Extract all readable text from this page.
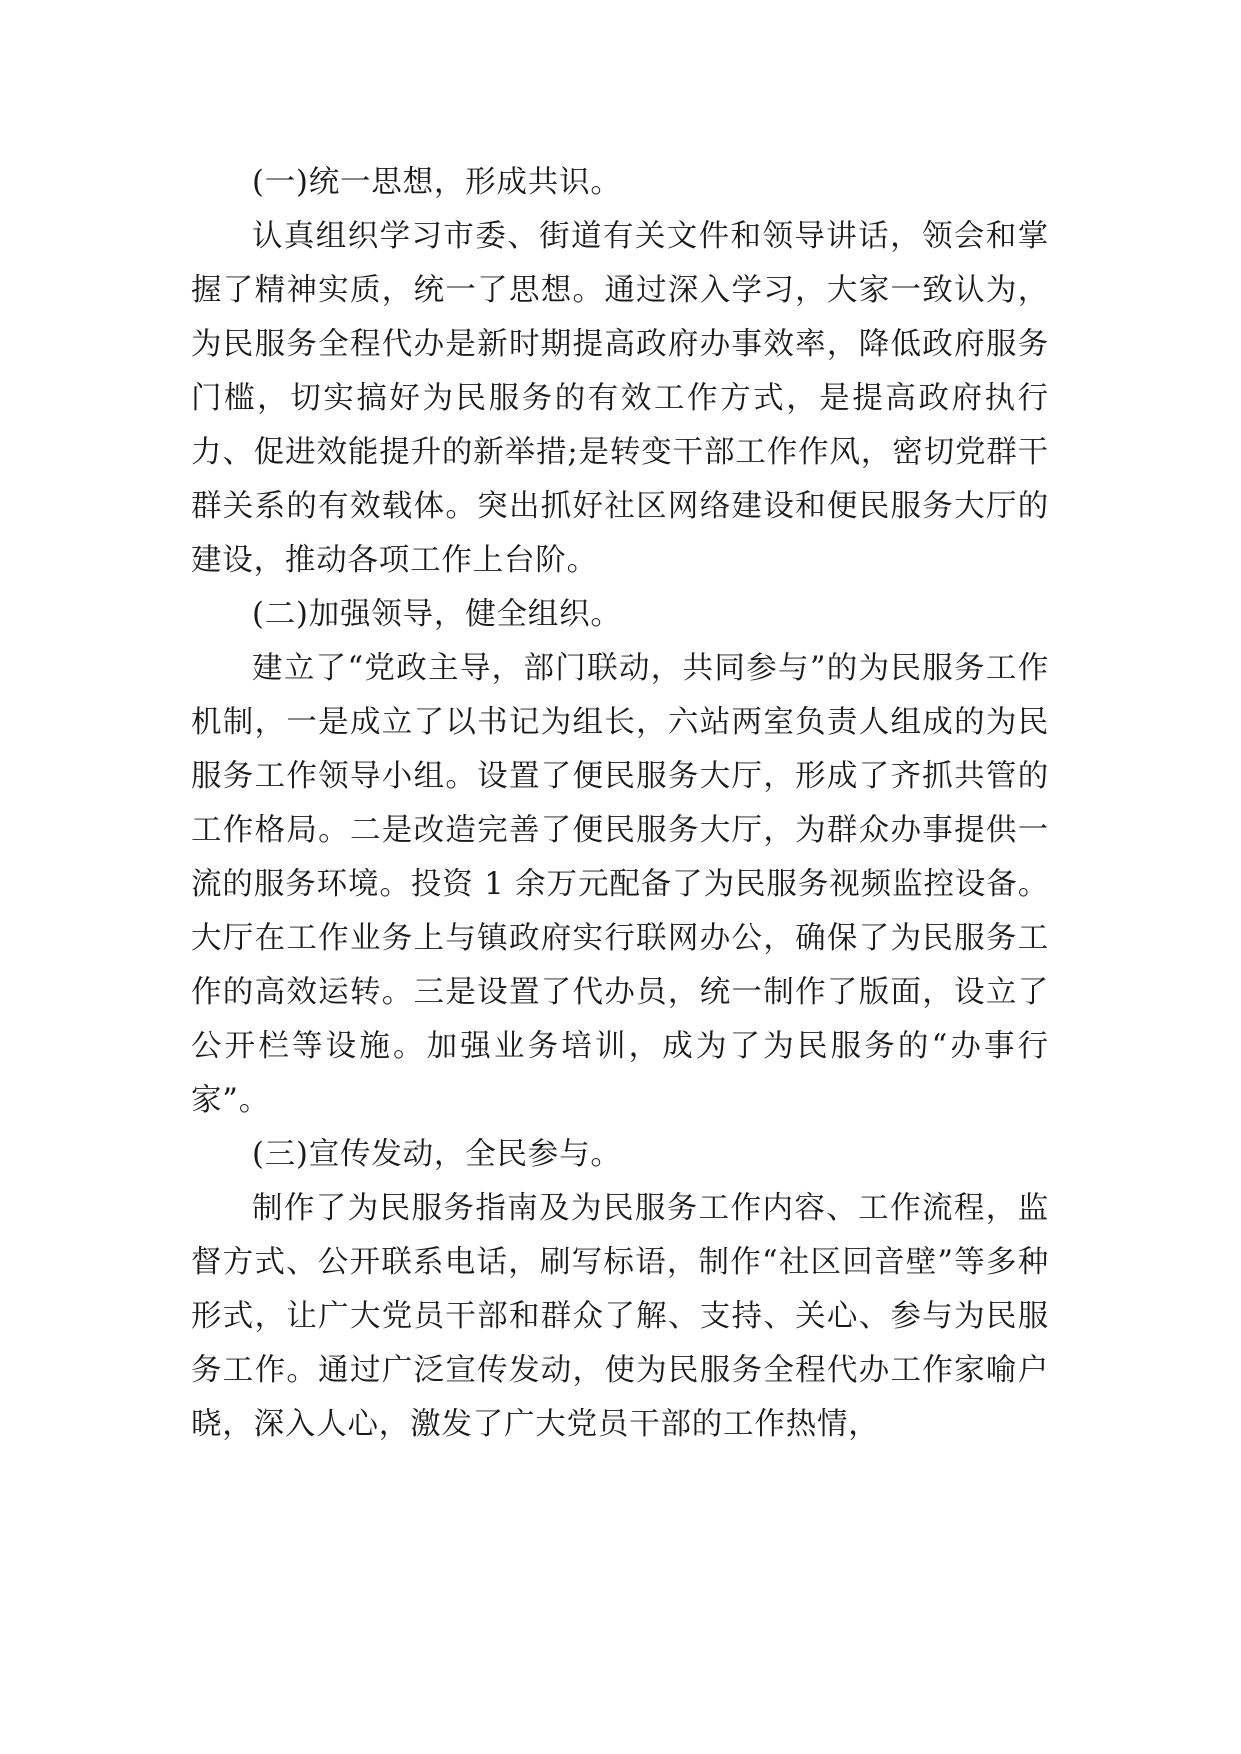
(一)统一思想，形成共识。

认真组织学习市委、街道有关文件和领导讲话，领会和掌握了精神实质，统一了思想。通过深入学习，大家一致认为，为民服务全程代办是新时期提高政府办事效率，降低政府服务门槛，切实搞好为民服务的有效工作方式，是提高政府执行力、促进效能提升的新举措;是转变干部工作作风，密切党群干群关系的有效载体。突出抓好社区网络建设和便民服务大厅的建设，推动各项工作上台阶。

(二)加强领导，健全组织。

建立了“党政主导，部门联动，共同参与”的为民服务工作机制，一是成立了以书记为组长，六站两室负责人组成的为民服务工作领导小组。设置了便民服务大厅，形成了齐抓共管的工作格局。二是改造完善了便民服务大厅，为群众办事提供一流的服务环境。投资 1 余万元配备了为民服务视频监控设备。大厅在工作业务上与镇政府实行联网办公，确保了为民服务工作的高效运转。三是设置了代办员，统一制作了版面，设立了公开栏等设施。加强业务培训，成为了为民服务的“办事行家”。

(三)宣传发动，全民参与。

制作了为民服务指南及为民服务工作内容、工作流程，监督方式、公开联系电话，刷写标语，制作“社区回音壁”等多种形式，让广大党员干部和群众了解、支持、关心、参与为民服务工作。通过广泛宣传发动，使为民服务全程代办工作家喻户晓，深入人心，激发了广大党员干部的工作热情，
